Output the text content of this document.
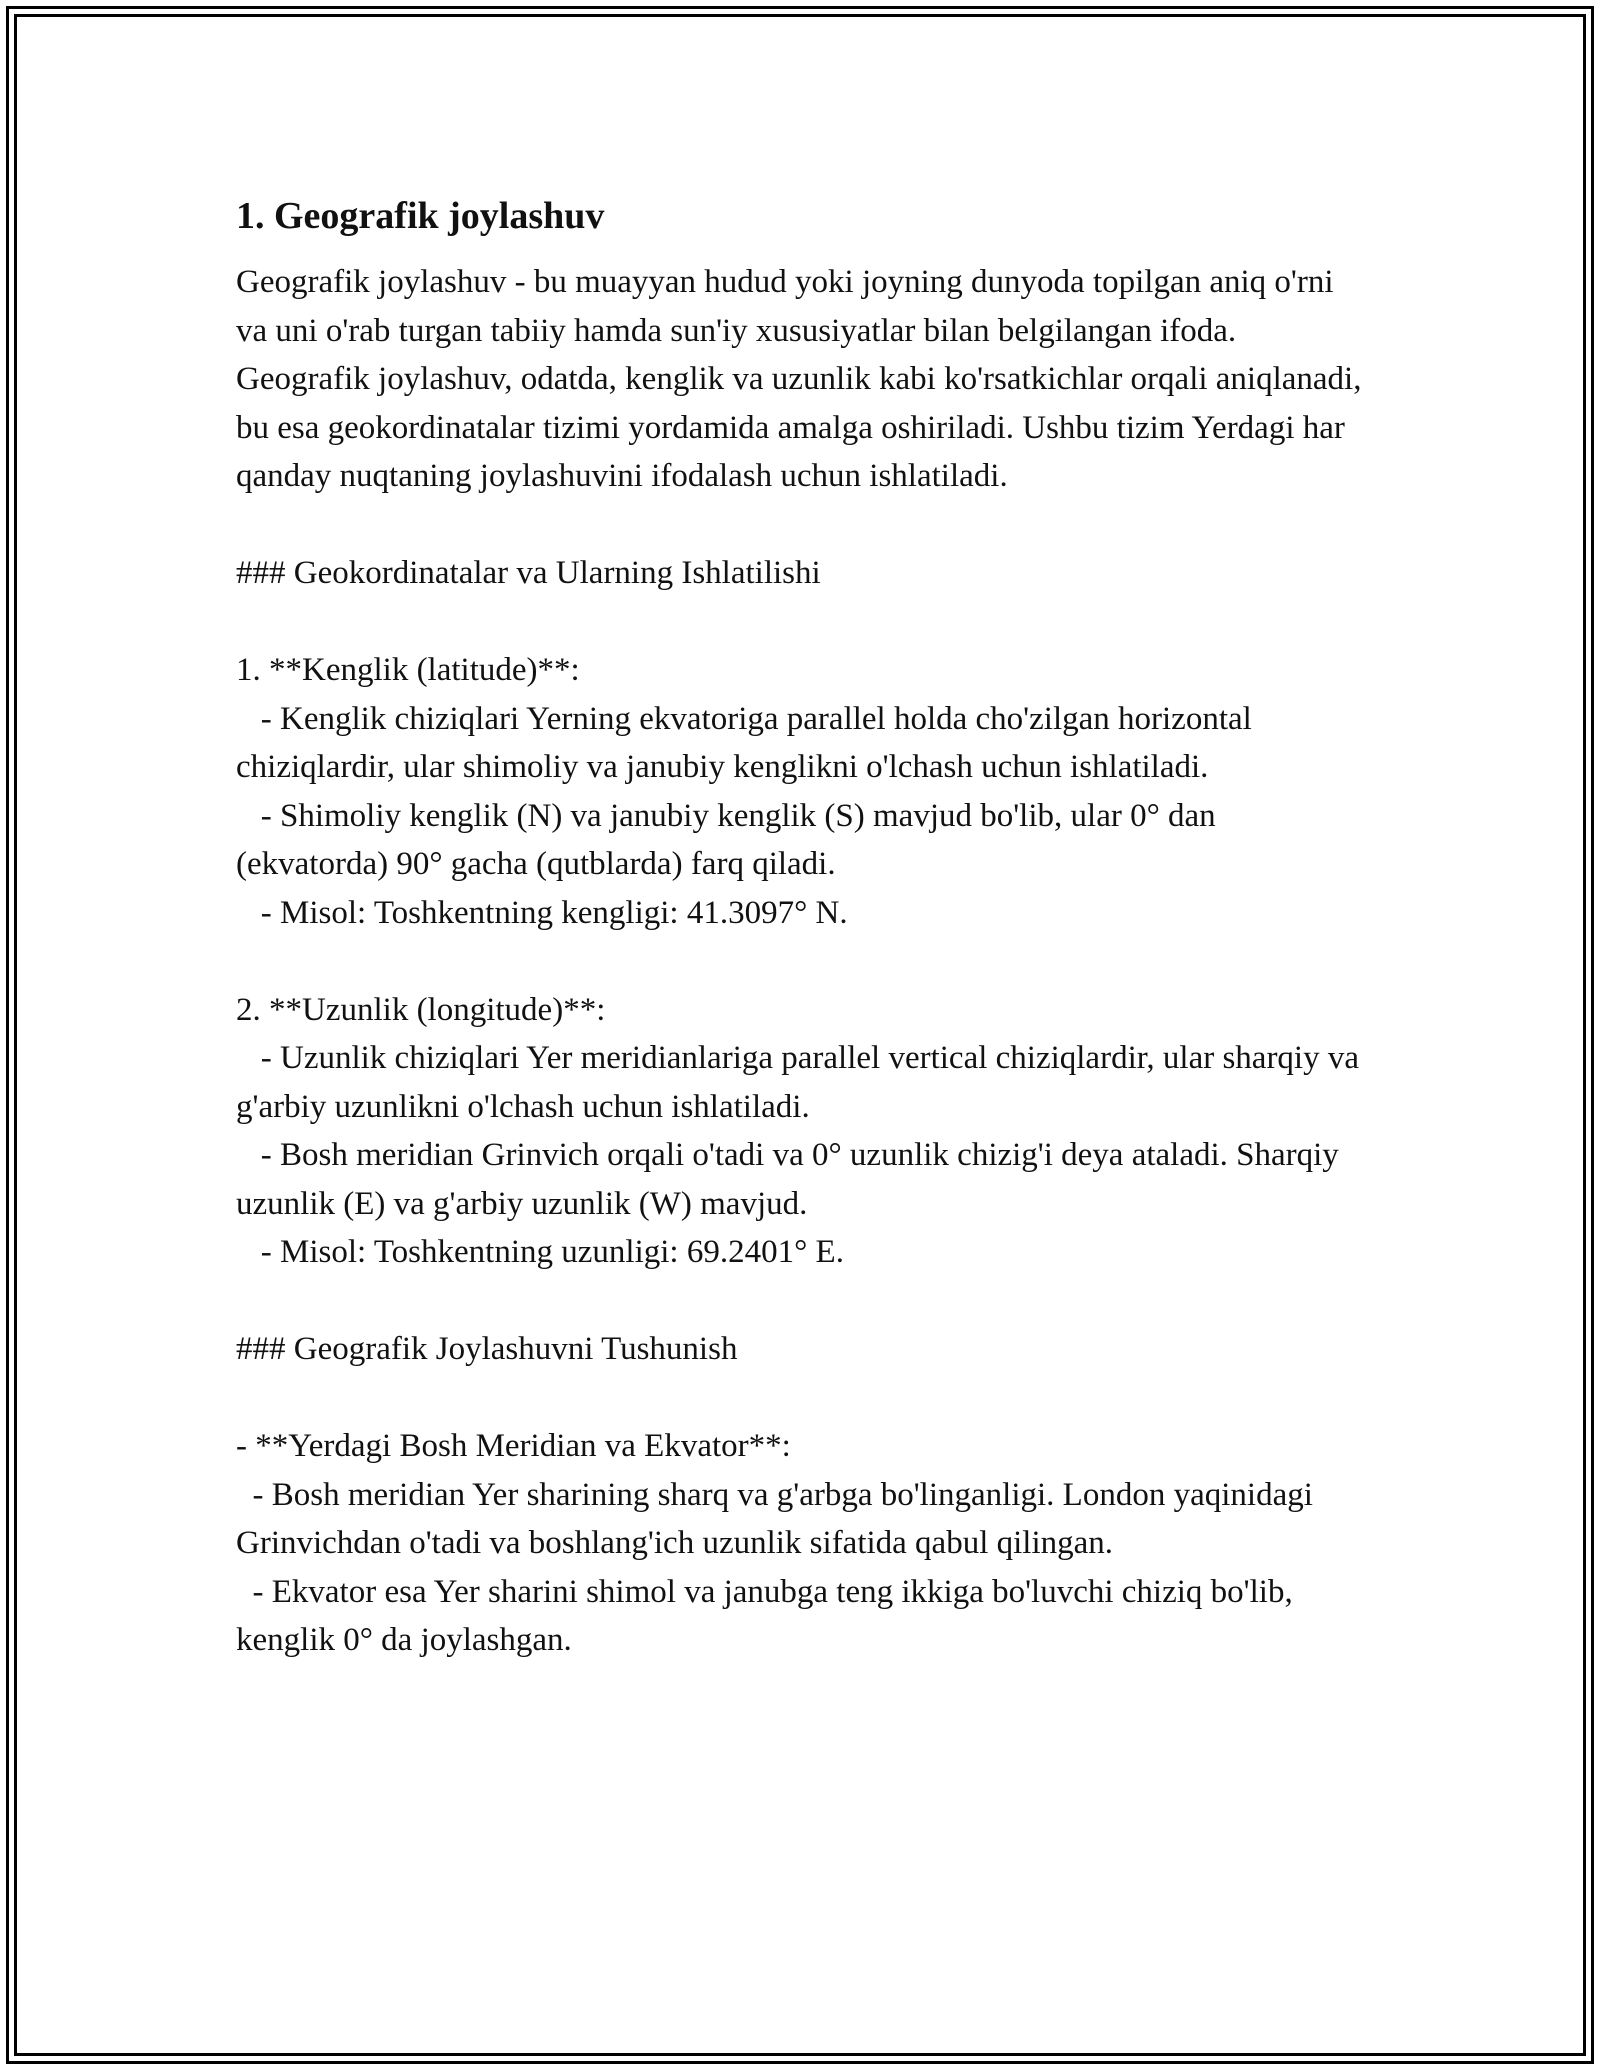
1. Geografik joylashuv

Geografik joylashuv - bu muayyan hudud yoki joyning dunyoda topilgan aniq o'rni va uni o'rab turgan tabiiy hamda sun'iy xususiyatlar bilan belgilangan ifoda. Geografik joylashuv, odatda, kenglik va uzunlik kabi ko'rsatkichlar orqali aniqlanadi, bu esa geokordinatalar tizimi yordamida amalga oshiriladi. Ushbu tizim Yerdagi har qanday nuqtaning joylashuvini ifodalash uchun ishlatiladi.

### Geokordinatalar va Ularning Ishlatilishi

1. **Kenglik (latitude)**:

- Kenglik chiziqlari Yerning ekvatoriga parallel holda cho'zilgan horizontal chiziqlardir, ular shimoliy va janubiy kenglikni o'lchash uchun ishlatiladi.

- Shimoliy kenglik (N) va janubiy kenglik (S) mavjud bo'lib, ular 0° dan (ekvatorda) 90° gacha (qutblarda) farq qiladi.

- Misol: Toshkentning kengligi: 41.3097° N.

2. **Uzunlik (longitude)**:

- Uzunlik chiziqlari Yer meridianlariga parallel vertical chiziqlardir, ular sharqiy va g'arbiy uzunlikni o'lchash uchun ishlatiladi.

- Bosh meridian Grinvich orqali o'tadi va 0° uzunlik chizig'i deya ataladi. Sharqiy uzunlik (E) va g'arbiy uzunlik (W) mavjud.

- Misol: Toshkentning uzunligi: 69.2401° E.

### Geografik Joylashuvni Tushunish

- **Yerdagi Bosh Meridian va Ekvator**:

- Bosh meridian Yer sharining sharq va g'arbga bo'linganligi. London yaqinidagi Grinvichdan o'tadi va boshlang'ich uzunlik sifatida qabul qilingan.

- Ekvator esa Yer sharini shimol va janubga teng ikkiga bo'luvchi chiziq bo'lib, kenglik 0° da joylashgan.
